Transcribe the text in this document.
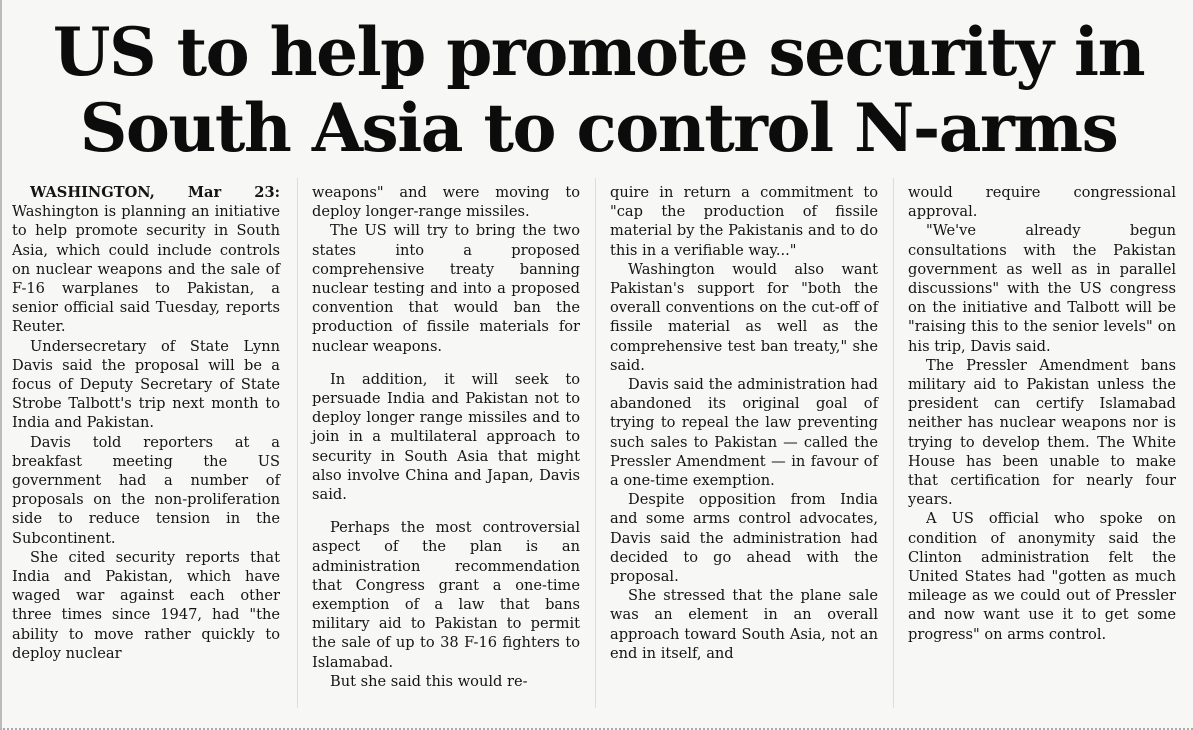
US to help promote security in
South Asia to control N-arms

WASHINGTON, Mar 23: Washington is planning an initiative to help promote security in South Asia, which could include controls on nuclear weapons and the sale of F-16 warplanes to Pakistan, a senior official said Tuesday, reports Reuter.

Undersecretary of State Lynn Davis said the proposal will be a focus of Deputy Secretary of State Strobe Talbott's trip next month to India and Pakistan.

Davis told reporters at a breakfast meeting the US government had a number of proposals on the non-proliferation side to reduce tension in the Subcontinent.

She cited security reports that India and Pakistan, which have waged war against each other three times since 1947, had "the ability to move rather quickly to deploy nuclear

weapons" and were moving to deploy longer-range missiles.

The US will try to bring the two states into a proposed comprehensive treaty banning nuclear testing and into a proposed convention that would ban the production of fissile materials for nuclear weapons.

In addition, it will seek to persuade India and Pakistan not to deploy longer range missiles and to join in a multilateral approach to security in South Asia that might also involve China and Japan, Davis said.

Perhaps the most controversial aspect of the plan is an administration recommendation that Congress grant a one-time exemption of a law that bans military aid to Pakistan to permit the sale of up to 38 F-16 fighters to Islamabad.

But she said this would re-

quire in return a commitment to "cap the production of fissile material by the Pakistanis and to do this in a verifiable way..."

Washington would also want Pakistan's support for "both the overall conventions on the cut-off of fissile material as well as the comprehensive test ban treaty," she said.

Davis said the administration had abandoned its original goal of trying to repeal the law preventing such sales to Pakistan — called the Pressler Amendment — in favour of a one-time exemption.

Despite opposition from India and some arms control advocates, Davis said the administration had decided to go ahead with the proposal.

She stressed that the plane sale was an element in an overall approach toward South Asia, not an end in itself, and

would require congressional approval.

"We've already begun consultations with the Pakistan government as well as in parallel discussions" with the US congress on the initiative and Talbott will be "raising this to the senior levels" on his trip, Davis said.

The Pressler Amendment bans military aid to Pakistan unless the president can certify Islamabad neither has nuclear weapons nor is trying to develop them. The White House has been unable to make that certification for nearly four years.

A US official who spoke on condition of anonymity said the Clinton administration felt the United States had "gotten as much mileage as we could out of Pressler and now want use it to get some progress" on arms control.
